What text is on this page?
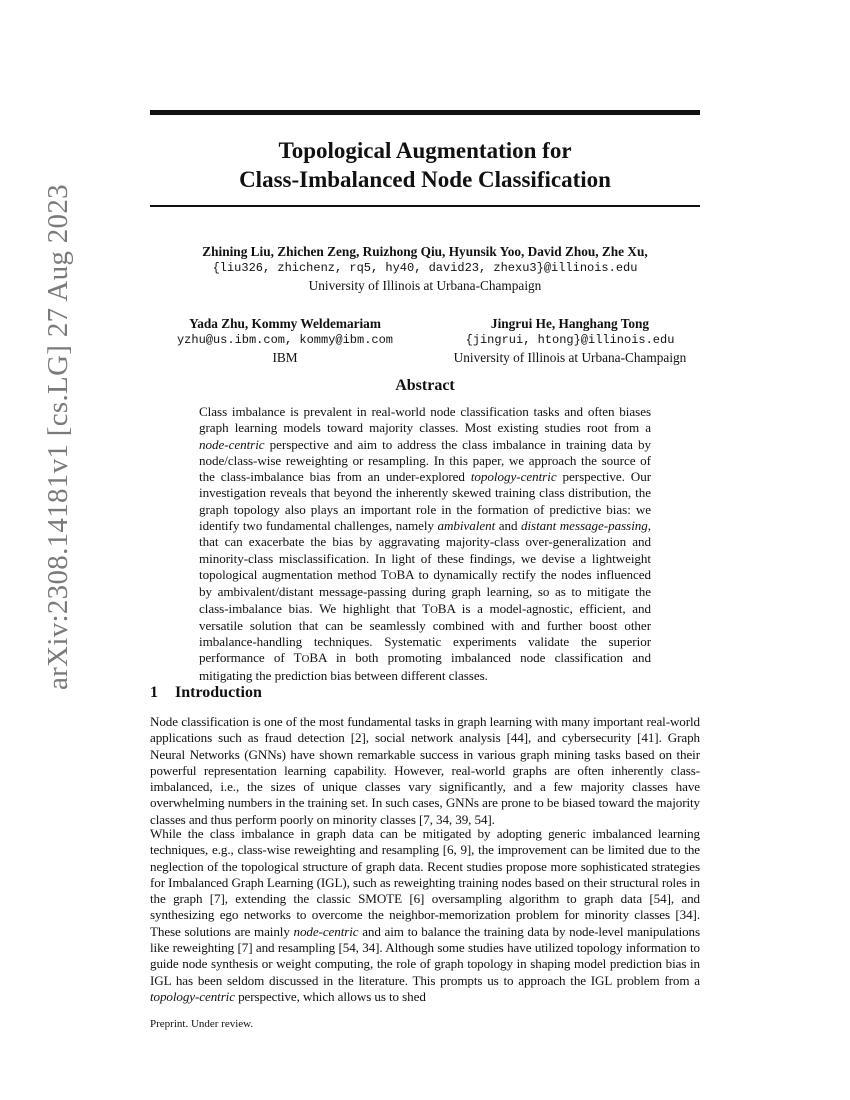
arXiv:2308.14181v1 [cs.LG] 27 Aug 2023
Topological Augmentation for
Class-Imbalanced Node Classification
Zhining Liu, Zhichen Zeng, Ruizhong Qiu, Hyunsik Yoo, David Zhou, Zhe Xu,
{liu326, zhichenz, rq5, hy40, david23, zhexu3}@illinois.edu
University of Illinois at Urbana-Champaign
Yada Zhu, Kommy Weldemariam
yzhu@us.ibm.com, kommy@ibm.com
IBM
Jingrui He, Hanghang Tong
{jingrui, htong}@illinois.edu
University of Illinois at Urbana-Champaign
Abstract

Class imbalance is prevalent in real-world node classification tasks and often biases graph learning models toward majority classes. Most existing studies root from a node-centric perspective and aim to address the class imbalance in training data by node/class-wise reweighting or resampling. In this paper, we approach the source of the class-imbalance bias from an under-explored topology-centric perspective. Our investigation reveals that beyond the inherently skewed training class distribution, the graph topology also plays an important role in the formation of predictive bias: we identify two fundamental challenges, namely ambivalent and distant message-passing, that can exacerbate the bias by aggravating majority-class over-generalization and minority-class misclassification. In light of these findings, we devise a lightweight topological augmentation method TOBA to dynamically rectify the nodes influenced by ambivalent/distant message-passing during graph learning, so as to mitigate the class-imbalance bias. We highlight that TOBA is a model-agnostic, efficient, and versatile solution that can be seamlessly combined with and further boost other imbalance-handling techniques. Systematic experiments validate the superior performance of TOBA in both promoting imbalanced node classification and mitigating the prediction bias between different classes.

1 Introduction

Node classification is one of the most fundamental tasks in graph learning with many important real-world applications such as fraud detection [2], social network analysis [44], and cybersecurity [41]. Graph Neural Networks (GNNs) have shown remarkable success in various graph mining tasks based on their powerful representation learning capability. However, real-world graphs are often inherently class-imbalanced, i.e., the sizes of unique classes vary significantly, and a few majority classes have overwhelming numbers in the training set. In such cases, GNNs are prone to be biased toward the majority classes and thus perform poorly on minority classes [7, 34, 39, 54].

While the class imbalance in graph data can be mitigated by adopting generic imbalanced learning techniques, e.g., class-wise reweighting and resampling [6, 9], the improvement can be limited due to the neglection of the topological structure of graph data. Recent studies propose more sophisticated strategies for Imbalanced Graph Learning (IGL), such as reweighting training nodes based on their structural roles in the graph [7], extending the classic SMOTE [6] oversampling algorithm to graph data [54], and synthesizing ego networks to overcome the neighbor-memorization problem for minority classes [34]. These solutions are mainly node-centric and aim to balance the training data by node-level manipulations like reweighting [7] and resampling [54, 34]. Although some studies have utilized topology information to guide node synthesis or weight computing, the role of graph topology in shaping model prediction bias in IGL has been seldom discussed in the literature. This prompts us to approach the IGL problem from a topology-centric perspective, which allows us to shed

Preprint. Under review.
